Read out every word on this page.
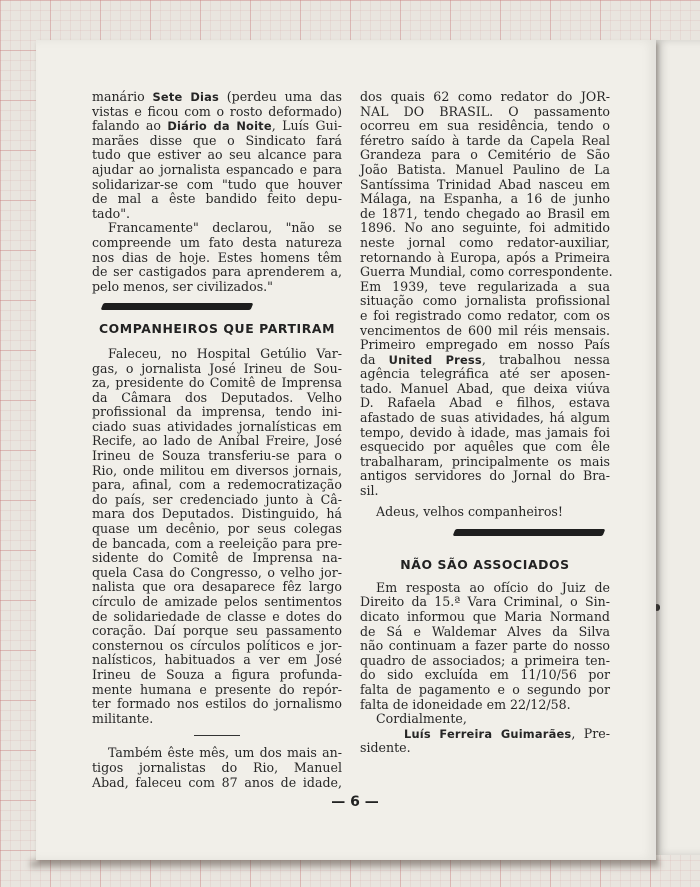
manário Sete Dias (perdeu uma das
vistas e ficou com o rosto deformado)
falando ao Diário da Noite, Luís Gui-
marães disse que o Sindicato fará
tudo que estiver ao seu alcance para
ajudar ao jornalista espancado e para
solidarizar-se com "tudo que houver
de mal a êste bandido feito depu-
tado".
Francamente" declarou, "não se
compreende um fato desta natureza
nos dias de hoje. Estes homens têm
de ser castigados para aprenderem a,
pelo menos, ser civilizados."
COMPANHEIROS QUE PARTIRAM
Faleceu, no Hospital Getúlio Var-
gas, o jornalista José Irineu de Sou-
za, presidente do Comitê de Imprensa
da Câmara dos Deputados. Velho
profissional da imprensa, tendo ini-
ciado suas atividades jornalísticas em
Recife, ao lado de Aníbal Freire, José
Irineu de Souza transferiu-se para o
Rio, onde militou em diversos jornais,
para, afinal, com a redemocratização
do país, ser credenciado junto à Câ-
mara dos Deputados. Distinguido, há
quase um decênio, por seus colegas
de bancada, com a reeleição para pre-
sidente do Comitê de Imprensa na-
quela Casa do Congresso, o velho jor-
nalista que ora desaparece fêz largo
círculo de amizade pelos sentimentos
de solidariedade de classe e dotes do
coração. Daí porque seu passamento
consternou os círculos políticos e jor-
nalísticos, habituados a ver em José
Irineu de Souza a figura profunda-
mente humana e presente do repór-
ter formado nos estilos do jornalismo
militante.
Também êste mês, um dos mais an-
tigos jornalistas do Rio, Manuel
Abad, faleceu com 87 anos de idade,
dos quais 62 como redator do JOR-
NAL DO BRASIL. O passamento
ocorreu em sua residência, tendo o
féretro saído à tarde da Capela Real
Grandeza para o Cemitério de São
João Batista. Manuel Paulino de La
Santíssima Trinidad Abad nasceu em
Málaga, na Espanha, a 16 de junho
de 1871, tendo chegado ao Brasil em
1896. No ano seguinte, foi admitido
neste jornal como redator-auxiliar,
retornando à Europa, após a Primeira
Guerra Mundial, como correspondente.
Em 1939, teve regularizada a sua
situação como jornalista profissional
e foi registrado como redator, com os
vencimentos de 600 mil réis mensais.
Primeiro empregado em nosso País
da United Press, trabalhou nessa
agência telegráfica até ser aposen-
tado. Manuel Abad, que deixa viúva
D. Rafaela Abad e filhos, estava
afastado de suas atividades, há algum
tempo, devido à idade, mas jamais foi
esquecido por aquêles que com êle
trabalharam, principalmente os mais
antigos servidores do Jornal do Bra-
sil.
Adeus, velhos companheiros!
NÃO SÃO ASSOCIADOS
Em resposta ao ofício do Juiz de
Direito da 15.ª Vara Criminal, o Sin-
dicato informou que Maria Normand
de Sá e Waldemar Alves da Silva
não continuam a fazer parte do nosso
quadro de associados; a primeira ten-
do sido excluída em 11/10/56 por
falta de pagamento e o segundo por
falta de idoneidade em 22/12/58.
Cordialmente,
Luís Ferreira Guimarães, Pre-
sidente.
— 6 —
